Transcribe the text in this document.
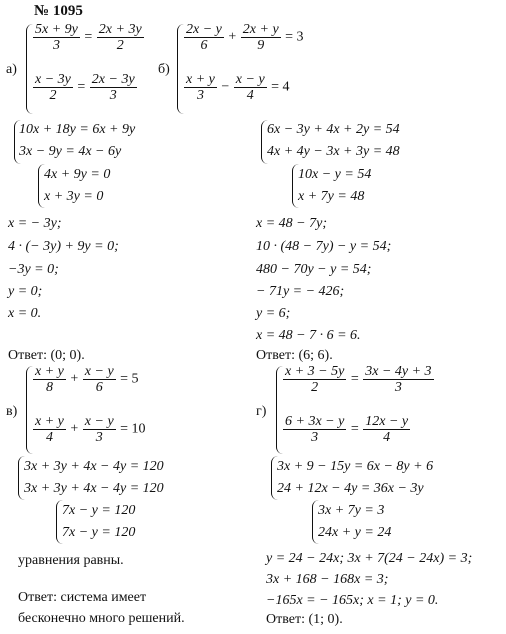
№ 1095
а)
$\frac{5x + 9y}{3} = \frac{2x + 3y}{2}$
$\frac{x - 3y}{2} = \frac{2x - 3y}{3}$
б)
$\frac{2x - y}{6} + \frac{2x + y}{9} = 3$
$\frac{x + y}{3} - \frac{x - y}{4} = 4$
10x + 18y = 6x + 9y
3x − 9y = 4x − 6y
4x + 9y = 0
x + 3y = 0
x = − 3y;
4 · (− 3y) + 9y = 0;
−3y = 0;
y = 0;
x = 0.
Ответ: (0; 0).
6x − 3y + 4x + 2y = 54
4x + 4y − 3x + 3y = 48
10x − y = 54
x + 7y = 48
x = 48 − 7y;
10 · (48 − 7y) − y = 54;
480 − 70y − y = 54;
− 71y = − 426;
y = 6;
x = 48 − 7 · 6 = 6.
Ответ: (6; 6).
в)
$\frac{x + y}{8} + \frac{x - y}{6} = 5$
$\frac{x + y}{4} + \frac{x - y}{3} = 10$
г)
$\frac{x + 3 - 5y}{2} = \frac{3x - 4y + 3}{3}$
$\frac{6 + 3x - y}{3} = \frac{12x - y}{4}$
3x + 3y + 4x − 4y = 120
3x + 3y + 4x − 4y = 120
7x − y = 120
7x − y = 120
уравнения равны.
Ответ: система имеет
бесконечно много решений.
3x + 9 − 15y = 6x − 8y + 6
24 + 12x − 4y = 36x − 3y
3x + 7y = 3
24x + y = 24
y = 24 − 24x; 3x + 7(24 − 24x) = 3;
3x + 168 − 168x = 3;
−165x = − 165x; x = 1; y = 0.
Ответ: (1; 0).
